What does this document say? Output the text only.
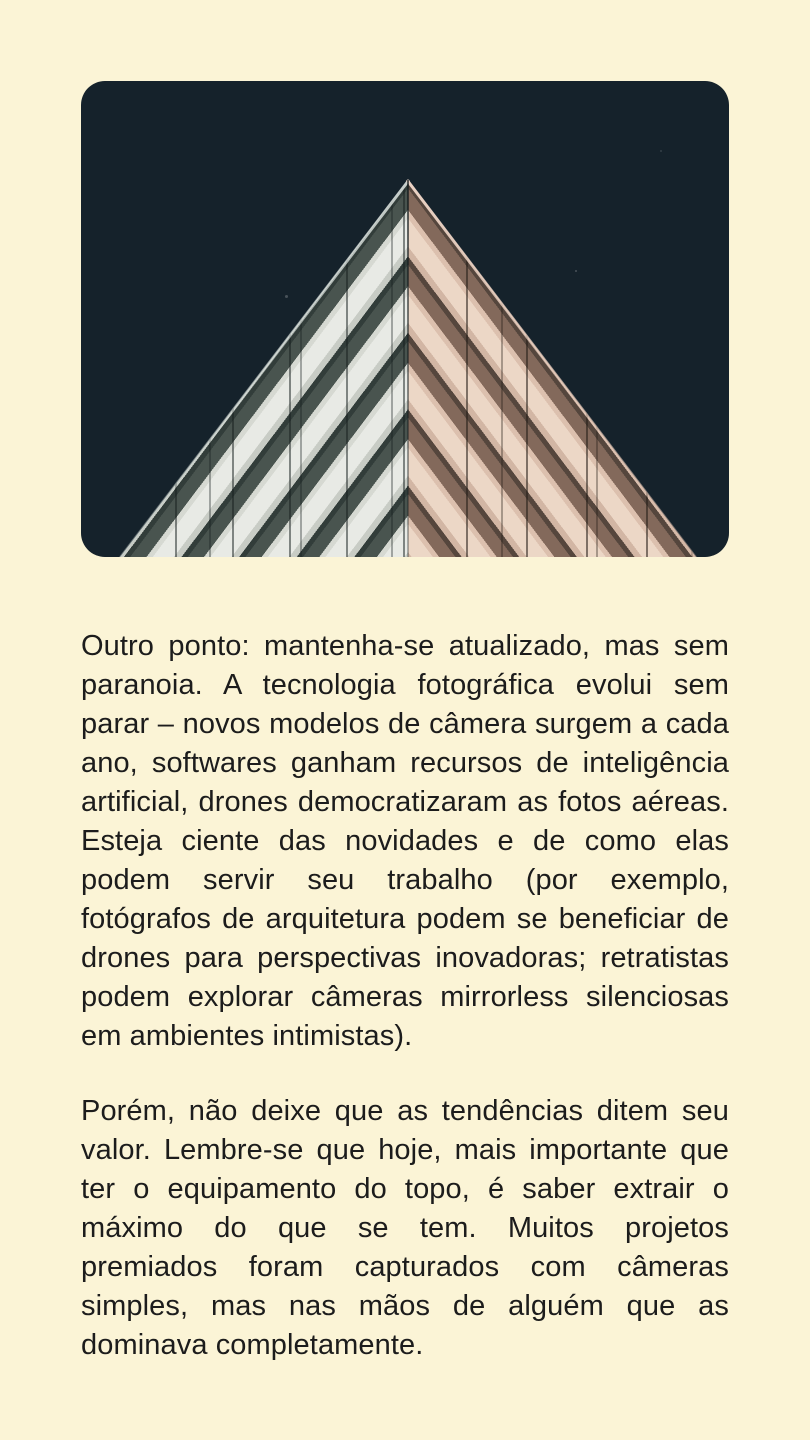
Outro ponto: mantenha-se atualizado, mas sem paranoia. A tecnologia fotográfica evolui sem parar – novos modelos de câmera surgem a cada ano, softwares ganham recursos de inteligência artificial, drones democratizaram as fotos aéreas. Esteja ciente das novidades e de como elas podem servir seu trabalho (por exemplo, fotógrafos de arquitetura podem se beneficiar de drones para perspectivas inovadoras; retratistas podem explorar câmeras mirrorless silenciosas em ambientes intimistas).

Porém, não deixe que as tendências ditem seu valor. Lembre-se que hoje, mais importante que ter o equipamento do topo, é saber extrair o máximo do que se tem. Muitos projetos premiados foram capturados com câmeras simples, mas nas mãos de alguém que as dominava completamente.
